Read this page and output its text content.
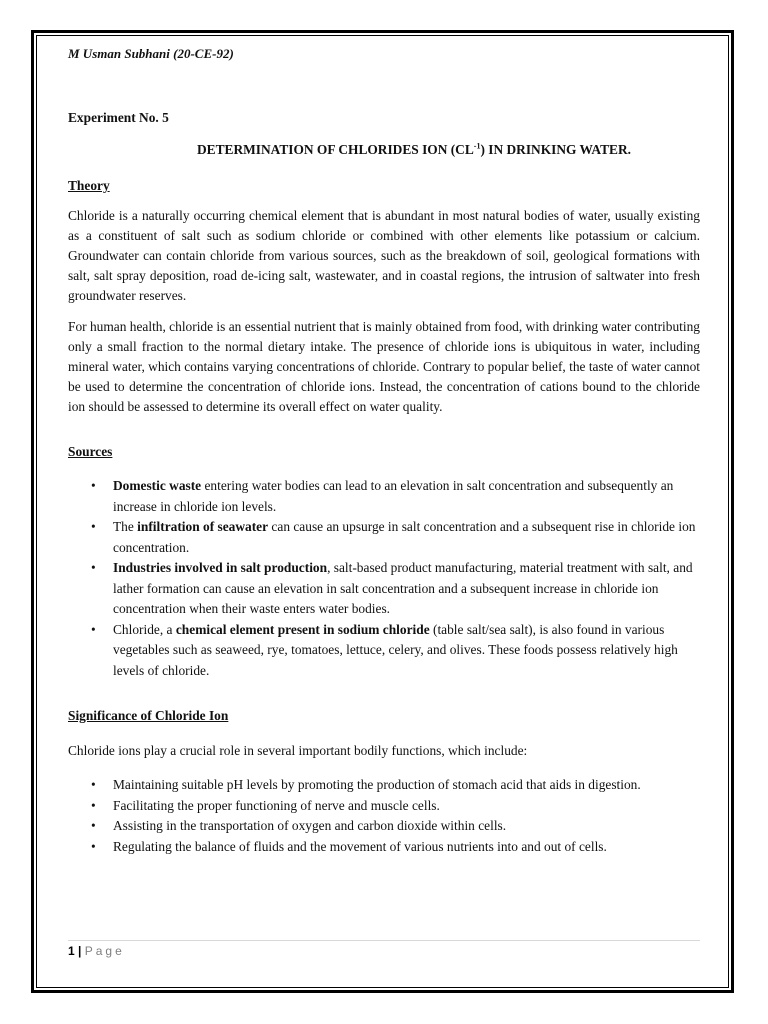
M Usman Subhani (20-CE-92)

Experiment No. 5

DETERMINATION OF CHLORIDES ION $(CL^{-1})$ IN DRINKING WATER.

Theory

Chloride is a naturally occurring chemical element that is abundant in most natural bodies of water, usually existing as a constituent of salt such as sodium chloride or combined with other elements like potassium or calcium. Groundwater can contain chloride from various sources, such as the breakdown of soil, geological formations with salt, salt spray deposition, road de-icing salt, wastewater, and in coastal regions, the intrusion of saltwater into fresh groundwater reserves.

For human health, chloride is an essential nutrient that is mainly obtained from food, with drinking water contributing only a small fraction to the normal dietary intake. The presence of chloride ions is ubiquitous in water, including mineral water, which contains varying concentrations of chloride. Contrary to popular belief, the taste of water cannot be used to determine the concentration of chloride ions. Instead, the concentration of cations bound to the chloride ion should be assessed to determine its overall effect on water quality.

Sources

• Domestic waste entering water bodies can lead to an elevation in salt concentration and subsequently an increase in chloride ion levels.
• The infiltration of seawater can cause an upsurge in salt concentration and a subsequent rise in chloride ion concentration.
• Industries involved in salt production, salt-based product manufacturing, material treatment with salt, and lather formation can cause an elevation in salt concentration and a subsequent increase in chloride ion concentration when their waste enters water bodies.
• Chloride, a chemical element present in sodium chloride (table salt/sea salt), is also found in various vegetables such as seaweed, rye, tomatoes, lettuce, celery, and olives. These foods possess relatively high levels of chloride.

Significance of Chloride Ion

Chloride ions play a crucial role in several important bodily functions, which include:

• Maintaining suitable pH levels by promoting the production of stomach acid that aids in digestion.
• Facilitating the proper functioning of nerve and muscle cells.
• Assisting in the transportation of oxygen and carbon dioxide within cells.
• Regulating the balance of fluids and the movement of various nutrients into and out of cells.
1 | Page
